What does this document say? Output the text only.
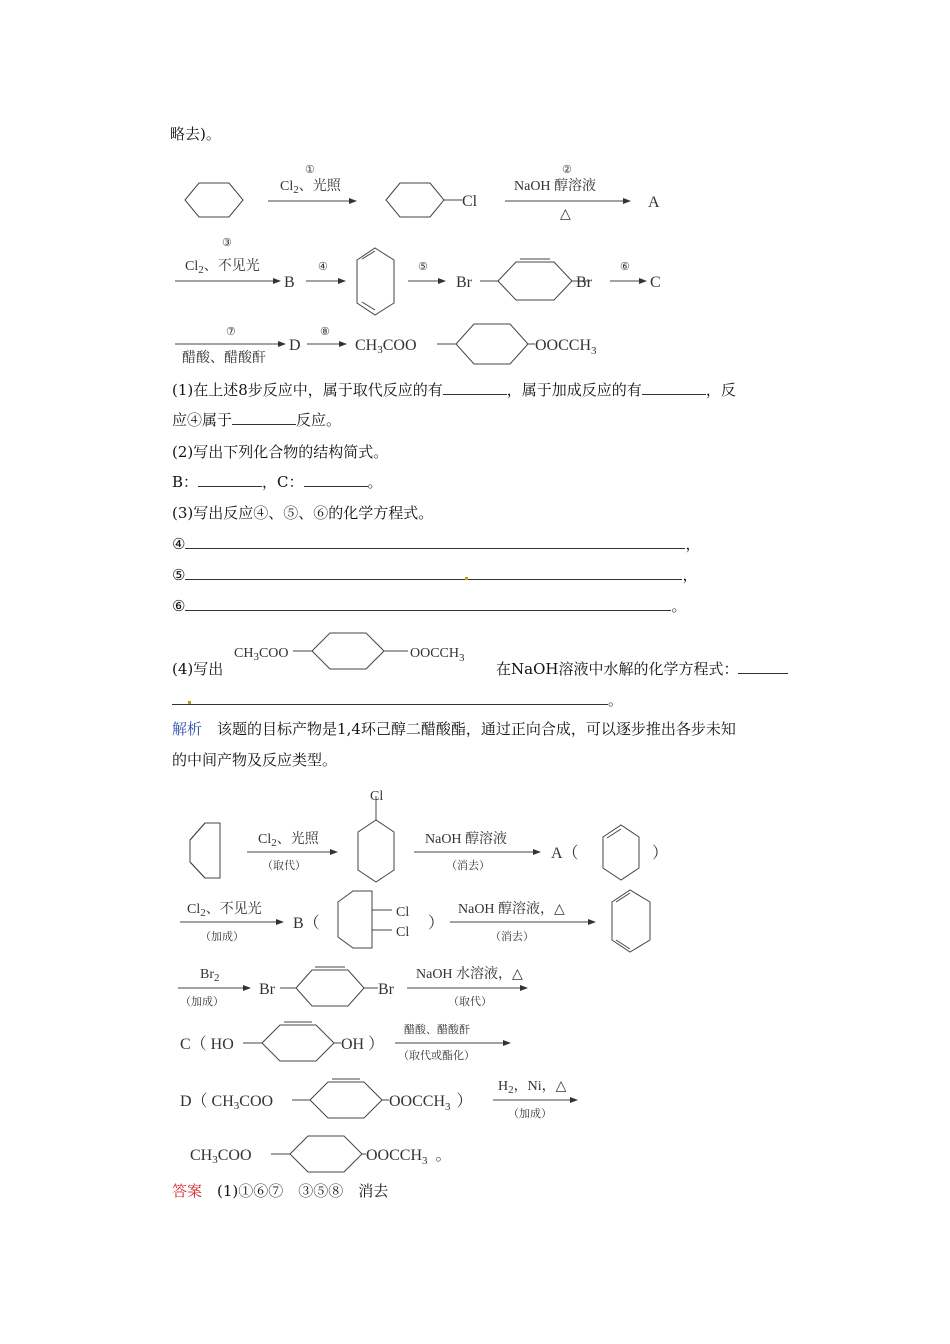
略去)。
(1)在上述8步反应中，属于取代反应的有	，属于加成反应的有	，反
应④属于	反应。
(2)写出下列化合物的结构简式。
B：	，C：	。
(3)写出反应④、⑤、⑥的化学方程式。
④	，
⑤	，
⑥	。
(4)写出	在NaOH溶液中水解的化学方程式：
。
解析　 该题的目标产物是1,4环己醇二醋酸酯，通过正向合成，可以逐步推出各步未知
的中间产物及反应类型。
答案　 (1)①⑥⑦　③⑤⑧　消去
①
$Cl_2$、光照
Cl
②
NaOH 醇溶液
△
A
③
$Cl_2$、不见光
B
④	⑤
Br	Br
⑥
C
⑦
醋酸、醋酸酐
D
⑧
CH3COO	$OOCCH_3$
$CH_3COO$	$OOCCH_3$
Cl
$Cl_2$、光照
（取代）
NaOH 醇溶液
（消去）
A（	）
$Cl_2$、不见光
（加成）
B（
Cl
Cl
）
NaOH 醇溶液，△
（消去）
$Br_2$
（加成）
Br	Br
NaOH 水溶液，△
（取代）
C（ HO	OH ）
醋酸、醋酸酐
（取代或酯化）
D（ CH3COO	$OOCCH_3$ ）
$H_2$，Ni，△
（加成）
CH3COO	$OOCCH_3$ 。
